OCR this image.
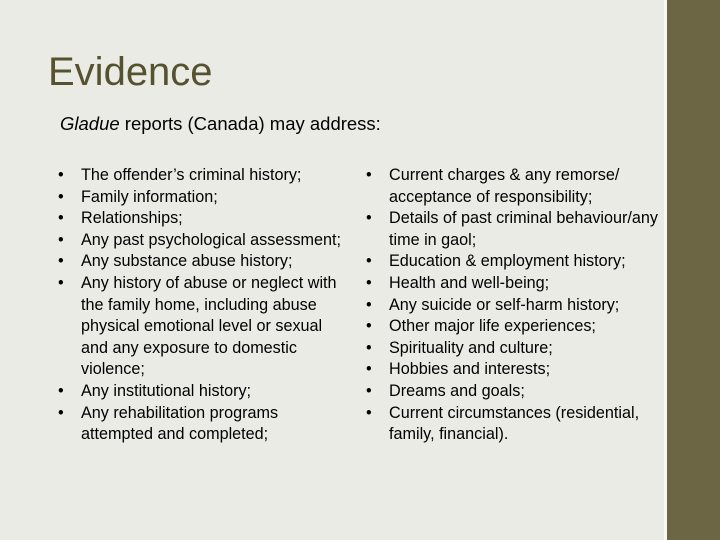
Evidence

Gladue reports (Canada) may address:

• The offender’s criminal history;
• Family information;
• Relationships;
• Any past psychological assessment;
• Any substance abuse history;
• Any history of abuse or neglect with the family home, including abuse physical emotional level or sexual and any exposure to domestic violence;
• Any institutional history;
• Any rehabilitation programs attempted and completed;
• Current charges & any remorse/ acceptance of responsibility;
• Details of past criminal behaviour/any time in gaol;
• Education & employment history;
• Health and well-being;
• Any suicide or self-harm history;
• Other major life experiences;
• Spirituality and culture;
• Hobbies and interests;
• Dreams and goals;
• Current circumstances (residential, family, financial).
